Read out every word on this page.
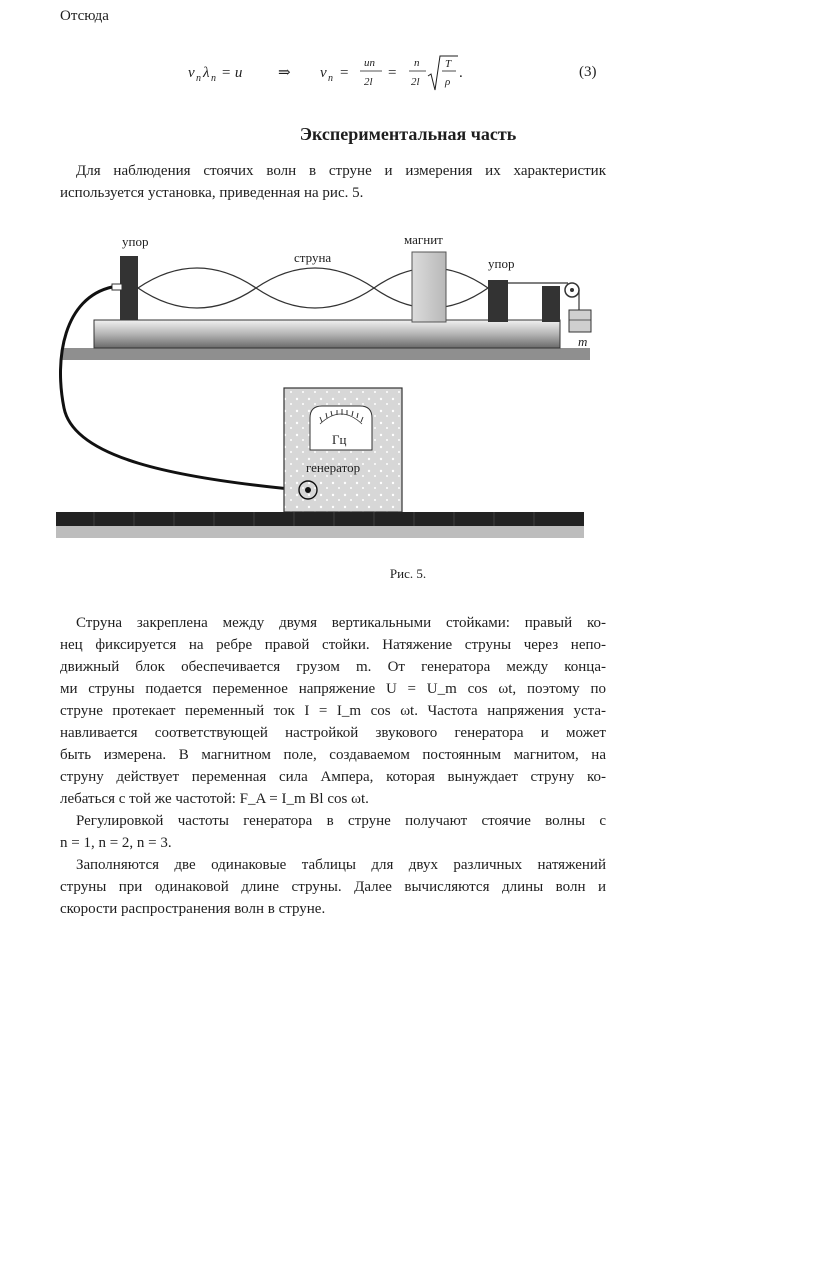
Отсюда
ν n λ n = u ⇒ ν n =
un
2l
=
n
2l
T
ρ
.	(3)
Экспериментальная часть
Для наблюдения стоячих волн в струне и измерения их характеристик
используется установка, приведенная на рис. 5.
упор
струна
магнит
упор
m
Гц
генератор
Рис. 5.
Струна закреплена между двумя вертикальными стойками: правый ко-
нец фиксируется на ребре правой стойки. Натяжение струны через непо-
движный блок обеспечивается грузом m. От генератора между конца-
ми струны подается переменное напряжение U = U_m cos ωt, поэтому по
струне протекает переменный ток I = I_m cos ωt. Частота напряжения уста-
навливается соответствующей настройкой звукового генератора и может
быть измерена. В магнитном поле, создаваемом постоянным магнитом, на
струну действует переменная сила Ампера, которая вынуждает струну ко-
лебаться с той же частотой: F_A = I_m Bl cos ωt.
Регулировкой частоты генератора в струне получают стоячие волны с
n = 1, n = 2, n = 3.
Заполняются две одинаковые таблицы для двух различных натяжений
струны при одинаковой длине струны. Далее вычисляются длины волн и
скорости распространения волн в струне.
